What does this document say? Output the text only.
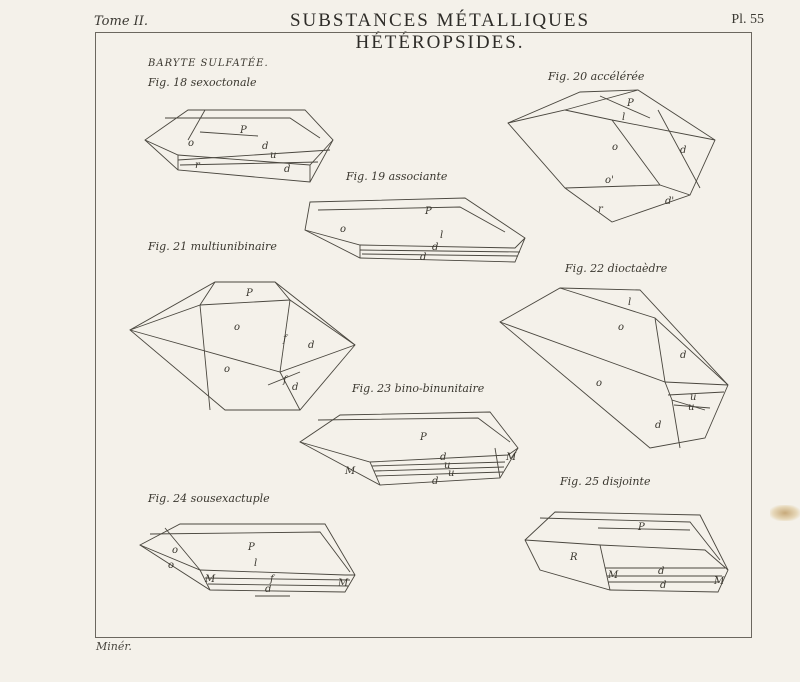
Tome II.	SUBSTANCES MÉTALLIQUES HÉTÉROPSIDES.
Pl. 55
BARYTE SULFATÉE.
Fig. 18 sexoctonale
Fig. 19 associante
Fig. 20 accélérée
Fig. 21 multiunibinaire
Fig. 22 dioctaèdre
Fig. 23 bino-binunitaire
Fig. 24 sousexactuple
Fig. 25 disjointe
o
P
d
u
r	d
P
o
l
d
d
P
l
o	d
o'
d'
r
P
f
o
d
o
f
d
l
o
d
o
u
u
d
P
M
d
u
u
d
M
o	P
o	l
M	f	M
d
P
R
M	d
d	M
Minér.
